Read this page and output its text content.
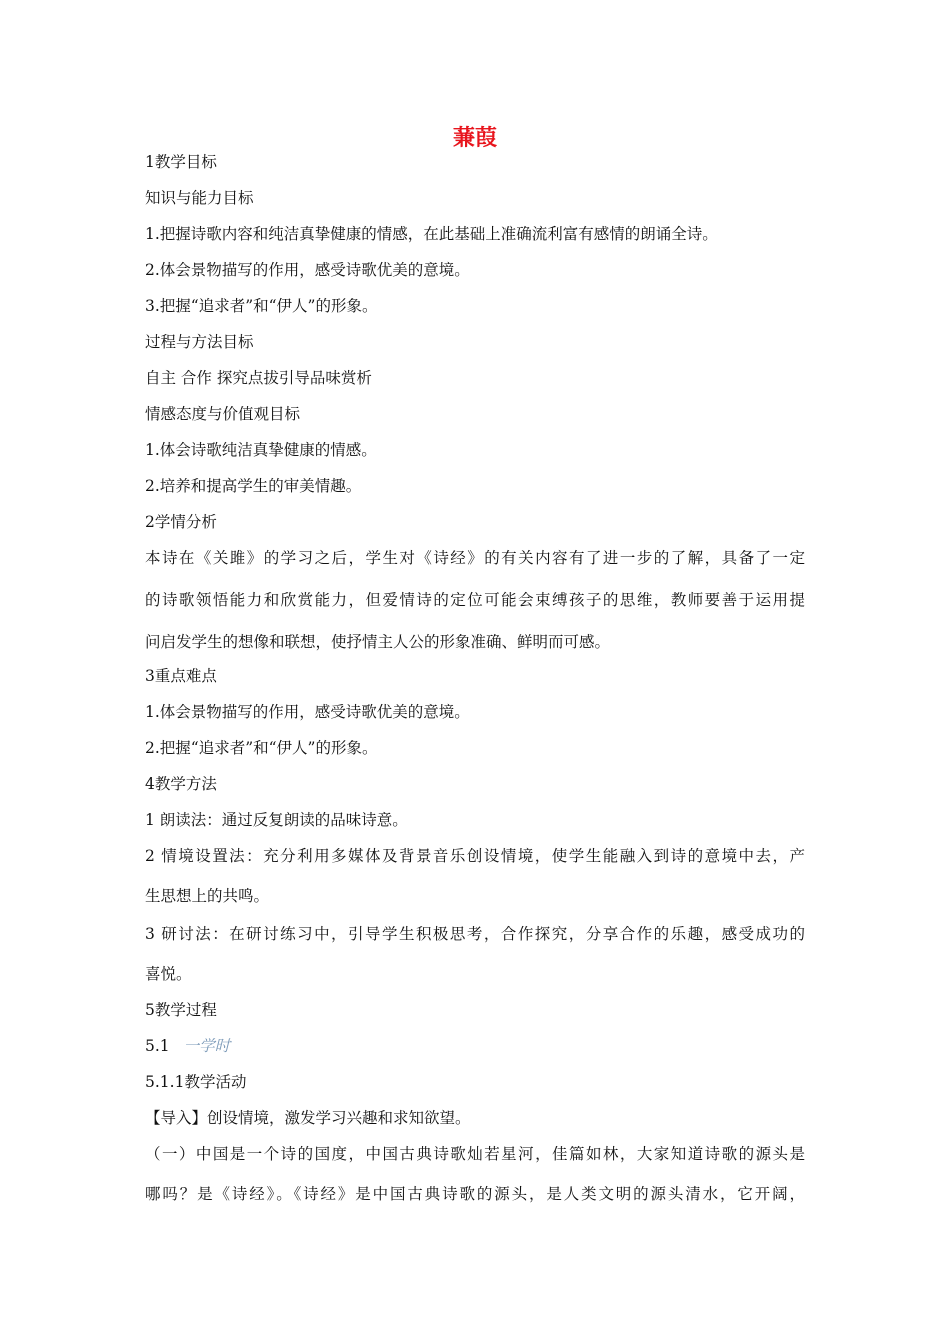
蒹葭
1教学目标
知识与能力目标
1.把握诗歌内容和纯洁真挚健康的情感，在此基础上准确流利富有感情的朗诵全诗。
2.体会景物描写的作用，感受诗歌优美的意境。
3.把握“追求者”和“伊人”的形象。
过程与方法目标
自主 合作 探究点拔引导品味赏析
情感态度与价值观目标
1.体会诗歌纯洁真挚健康的情感。
2.培养和提高学生的审美情趣。
2学情分析
本诗在《关雎》的学习之后，学生对《诗经》的有关内容有了进一步的了解，具备了一定
的诗歌领悟能力和欣赏能力，但爱情诗的定位可能会束缚孩子的思维，教师要善于运用提
问启发学生的想像和联想，使抒情主人公的形象准确、鲜明而可感。
3重点难点
1.体会景物描写的作用，感受诗歌优美的意境。
2.把握“追求者”和“伊人”的形象。
4教学方法
1 朗读法：通过反复朗读的品味诗意。
2 情境设置法：充分利用多媒体及背景音乐创设情境，使学生能融入到诗的意境中去，产
生思想上的共鸣。
3 研讨法：在研讨练习中，引导学生积极思考，合作探究，分享合作的乐趣，感受成功的
喜悦。
5教学过程
5.1 一学时
5.1.1教学活动
【导入】创设情境，激发学习兴趣和求知欲望。
（一）中国是一个诗的国度，中国古典诗歌灿若星河，佳篇如林，大家知道诗歌的源头是
哪吗？是《诗经》。《诗经》是中国古典诗歌的源头，是人类文明的源头清水，它开阔，
